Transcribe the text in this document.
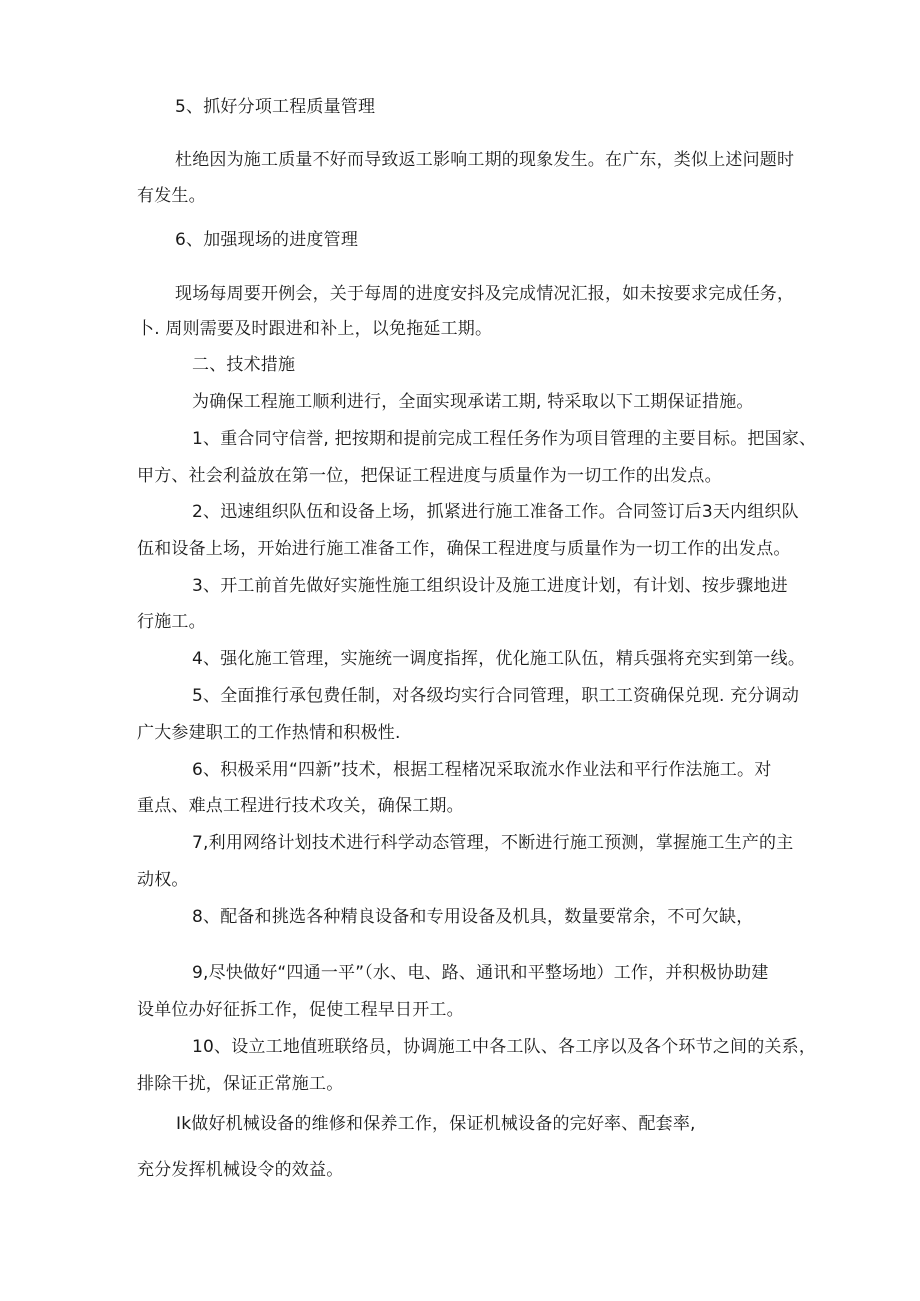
5、抓好分项工程质量管理
杜绝因为施工质量不好而导致返工影响工期的现象发生。在广东，类似上述问题时
有发生。
6、加强现场的进度管理
现场每周要开例会，关于每周的进度安抖及完成情况汇报，如未按要求完成任务，
卜. 周则需要及时跟进和补上，以免拖延工期。
二、技术措施
为确保工程施工顺利进行，全面实现承诺工期, 特采取以下工期保证措施。
1、重合同守信誉, 把按期和提前完成工程任务作为项目管理的主要目标。把国家、
甲方、社会利益放在第一位，把保证工程进度与质量作为一切工作的出发点。
2、迅速组织队伍和设备上场，抓紧进行施工准备工作。合同签订后3天内组织队
伍和设备上场，开始进行施工准备工作，确保工程进度与质量作为一切工作的出发点。
3、开工前首先做好实施性施工组织设计及施工进度计划，有计划、按步骤地进
行施工。
4、强化施工管理，实施统一调度指挥，优化施工队伍，精兵强将充实到第一线。
5、全面推行承包费任制，对各级均实行合同管理，职工工资确保兑现. 充分调动
广大参建职工的工作热情和积极性.
6、积极采用“四新”技术，根据工程楮况采取流水作业法和平行作法施工。对
重点、难点工程进行技术攻关，确保工期。
7,利用网络计划技术进行科学动态管理，不断进行施工预测，掌握施工生产的主
动权。
8、配备和挑选各种精良设备和专用设备及机具，数量要常余，不可欠缺，
9,尽快做好“四通一平”（水、电、路、通讯和平整场地）工作，并积极协助建
设单位办好征拆工作，促使工程早日开工。
10、设立工地值班联络员，协调施工中各工队、各工序以及各个环节之间的关系，
排除干扰，保证正常施工。
Ik做好机械设备的维修和保养工作，保证机械设备的完好率、配套率,
充分发挥机械设令的效益。
